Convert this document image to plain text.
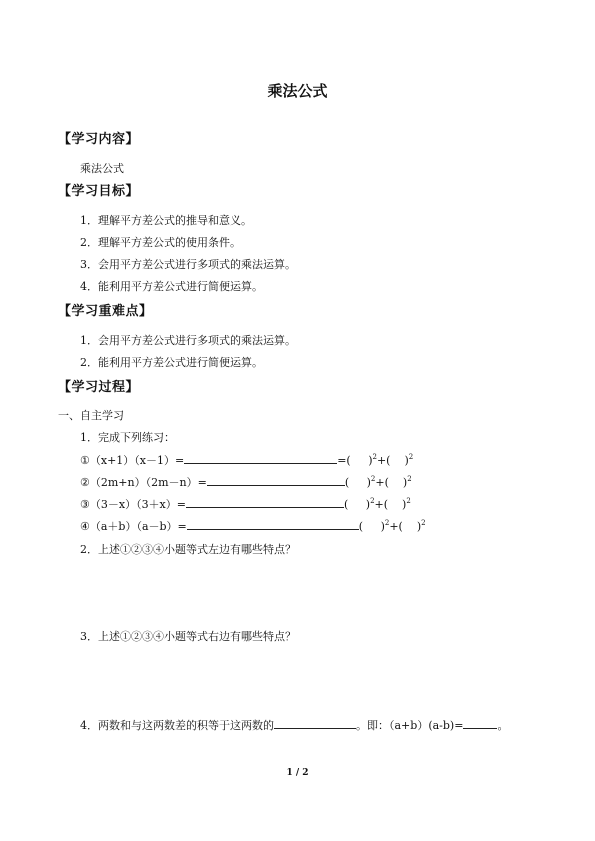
乘法公式
【学习内容】
乘法公式
【学习目标】
1．理解平方差公式的推导和意义。
2．理解平方差公式的使用条件。
3．会用平方差公式进行多项式的乘法运算。
4．能利用平方差公式进行简便运算。
【学习重难点】
1．会用平方差公式进行多项式的乘法运算。
2．能利用平方差公式进行简便运算。
【学习过程】
一、自主学习
1．完成下列练习：
①（x+1）（x－1）=	=( )$^2$+( )$^2$
②（2m+n）（2m－n）=	( )$^2$+( )$^2$
③（3－x）（3＋x）=	( )$^2$+( )$^2$
④（a＋b）（a－b）=	( )$^2$+( )$^2$
2．上述①②③④小题等式左边有哪些特点？
3．上述①②③④小题等式右边有哪些特点？
4．两数和与这两数差的积等于这两数的	。即：（a+b）(a-b)=	。
1 / 2
